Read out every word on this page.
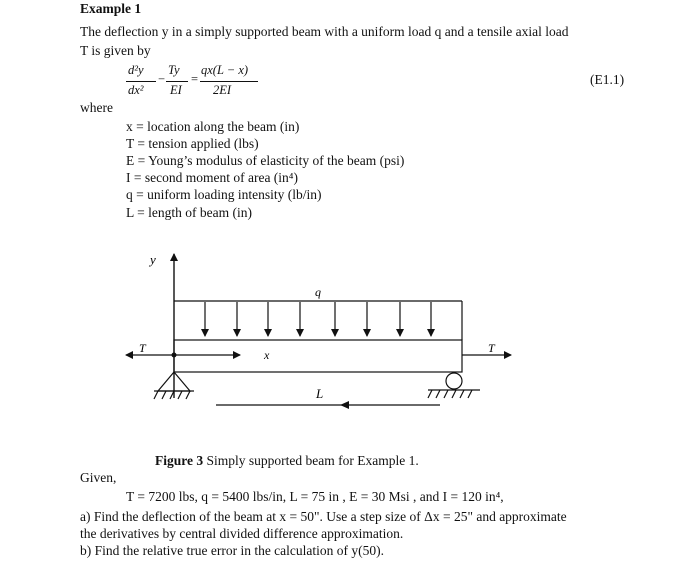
Example 1
The deflection y in a simply supported beam with a uniform load q and a tensile axial load
T is given by
d²y
dx²
−
Ty
EI
=
qx(L − x)
2EI
(E1.1)
where
x = location along the beam (in)
T = tension applied (lbs)
E = Young’s modulus of elasticity of the beam (psi)
I = second moment of area (in⁴)
q = uniform loading intensity (lb/in)
L = length of beam (in)
y
q
T	T
x
L
Figure 3 Simply supported beam for Example 1.
Given,
T = 7200 lbs, q = 5400 lbs/in, L = 75 in , E = 30 Msi , and I = 120 in⁴,
a) Find the deflection of the beam at x = 50". Use a step size of Δx = 25" and approximate
the derivatives by central divided difference approximation.
b) Find the relative true error in the calculation of y(50).
